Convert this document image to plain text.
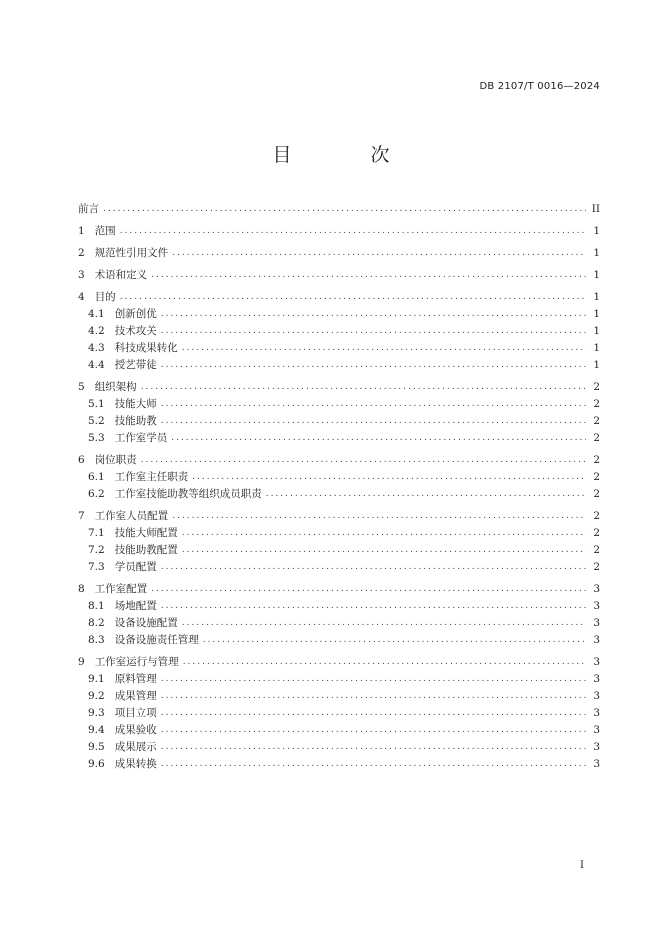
DB 2107/T 0016—2024
目　次
前言 .....	II
1 范围 .....	1
2 规范性引用文件 .....	1
3 术语和定义 .....	1
4 目的 .....	1
4.1 创新创优 .....	1
4.2 技术攻关 .....	1
4.3 科技成果转化 .....	1
4.4 授艺带徒 .....	1
5 组织架构 .....	2
5.1 技能大师 .....	2
5.2 技能助教 .....	2
5.3 工作室学员 .....	2
6 岗位职责 .....	2
6.1 工作室主任职责 .....	2
6.2 工作室技能助教等组织成员职责 .....	2
7 工作室人员配置 .....	2
7.1 技能大师配置 .....	2
7.2 技能助教配置 .....	2
7.3 学员配置 .....	2
8 工作室配置 .....	3
8.1 场地配置 .....	3
8.2 设备设施配置 .....	3
8.3 设备设施责任管理 .....	3
9 工作室运行与管理 .....	3
9.1 原料管理 .....	3
9.2 成果管理 .....	3
9.3 项目立项 .....	3
9.4 成果验收 .....	3
9.5 成果展示 .....	3
9.6 成果转换 .....	3
I
